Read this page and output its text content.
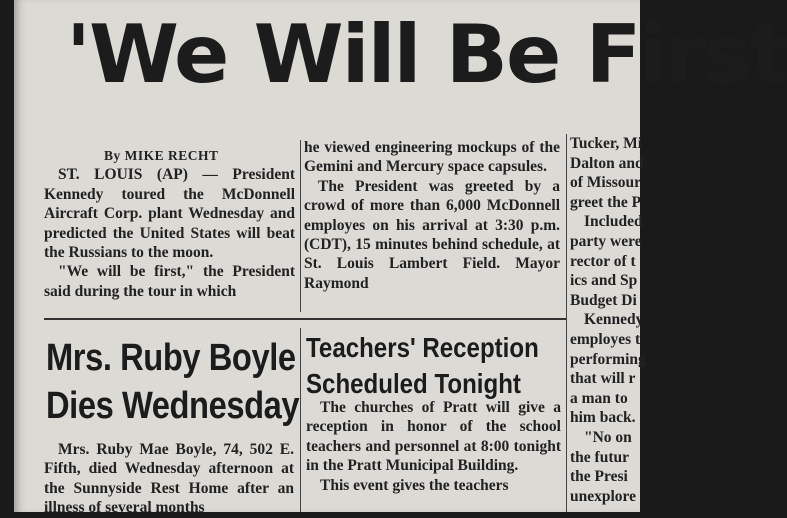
'We Will Be First

By MIKE RECHT

ST. LOUIS (AP) — President Kennedy toured the McDonnell Aircraft Corp. plant Wednesday and predicted the United States will beat the Russians to the moon.

"We will be first," the President said during the tour in which

he viewed engineering mockups of the Gemini and Mercury space capsules.

The President was greeted by a crowd of more than 6,000 McDonnell employes on his arrival at 3:30 p.m. (CDT), 15 minutes behind schedule, at St. Louis Lambert Field. Mayor Raymond

Tucker, Mi
Dalton and
of Missour
greet the P
Included
party were
rector of t
ics and Sp
Budget Di
Kennedy
employes t
performing
that will r
a man to
him back.
"No on
the futur
the Presi
unexplore
Mrs. Ruby Boyle
Dies Wednesday

Mrs. Ruby Mae Boyle, 74, 502 E. Fifth, died Wednesday afternoon at the Sunnyside Rest Home after an illness of several months

Teachers' Reception
Scheduled Tonight

The churches of Pratt will give a reception in honor of the school teachers and personnel at 8:00 tonight in the Pratt Municipal Building.

This event gives the teachers
